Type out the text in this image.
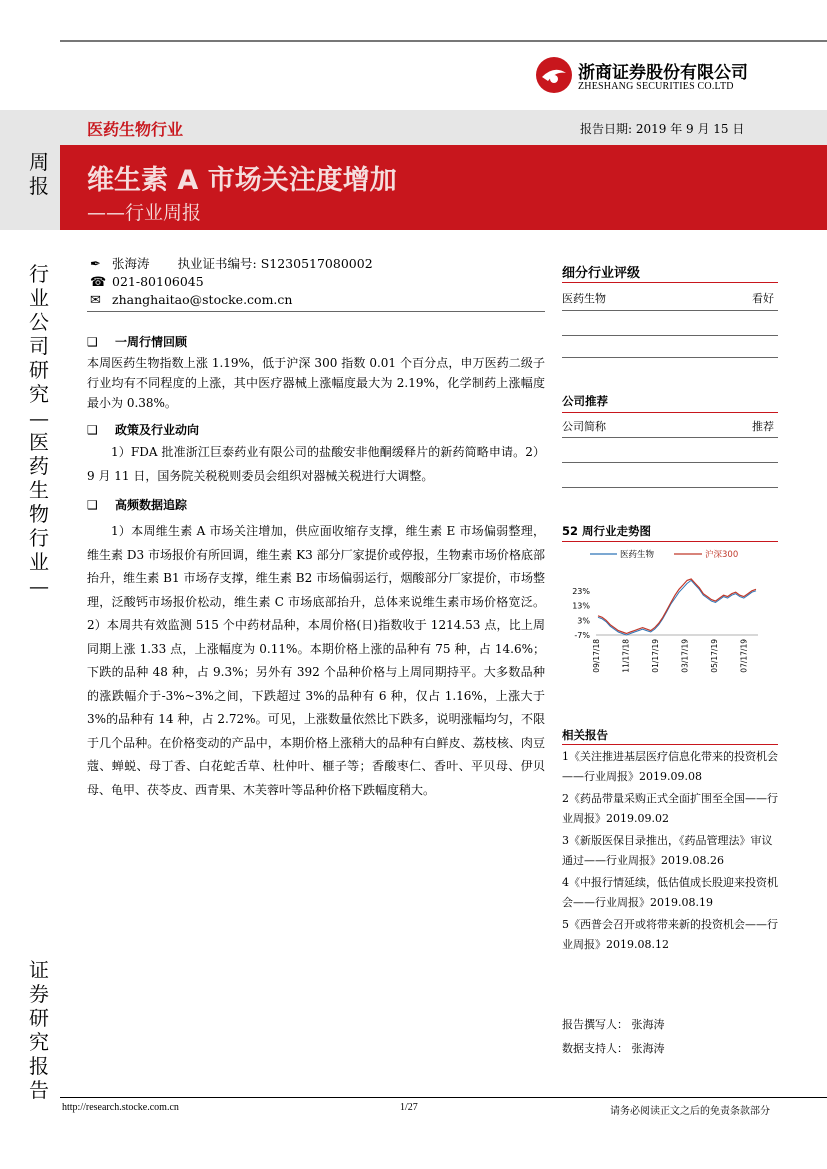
周
报
行
业
公
司
研
究
—
医
药
生
物
行
业
—
证
券
研
究
报
告
浙商证券股份有限公司
ZHESHANG SECURITIES CO.LTD
医药生物行业	报告日期: 2019 年 9 月 15 日
维生素 A 市场关注度增加
——行业周报
✒ 张海涛 执业证书编号: S1230517080002
☎ 021-80106045
✉ zhanghaitao@stocke.com.cn
❑ 一周行情回顾
本周医药生物指数上涨 1.19%，低于沪深 300 指数 0.01 个百分点，申万医药二级子行业均有不同程度的上涨，其中医疗器械上涨幅度最大为 2.19%，化学制药上涨幅度最小为 0.38%。
❑ 政策及行业动向
1）FDA 批准浙江巨泰药业有限公司的盐酸安非他酮缓释片的新药简略申请。2）9 月 11 日，国务院关税税则委员会组织对器械关税进行大调整。
❑ 高频数据追踪
1）本周维生素 A 市场关注增加，供应面收缩存支撑，维生素 E 市场偏弱整理，维生素 D3 市场报价有所回调，维生素 K3 部分厂家提价或停报，生物素市场价格底部抬升，维生素 B1 市场存支撑，维生素 B2 市场偏弱运行，烟酸部分厂家提价，市场整理，泛酸钙市场报价松动，维生素 C 市场底部抬升，总体来说维生素市场价格宽泛。2）本周共有效监测 515 个中药材品种，本周价格(日)指数收于 1214.53 点，比上周同期上涨 1.33 点，上涨幅度为 0.11%。本期价格上涨的品种有 75 种，占 14.6%；下跌的品种 48 种，占 9.3%；另外有 392 个品种价格与上周同期持平。大多数品种的涨跌幅介于-3%~3%之间，下跌超过 3%的品种有 6 种，仅占 1.16%，上涨大于 3%的品种有 14 种，占 2.72%。可见，上涨数量依然比下跌多，说明涨幅均匀，不限于几个品种。在价格变动的产品中，本期价格上涨稍大的品种有白鲜皮、荔枝核、肉豆蔻、蝉蜕、母丁香、白花蛇舌草、杜仲叶、榧子等；香酸枣仁、香叶、平贝母、伊贝母、龟甲、茯苓皮、西青果、木芙蓉叶等品种价格下跌幅度稍大。
细分行业评级
医药生物	看好
公司推荐
公司简称	推荐
52 周行业走势图
医药生物	沪深300
23%
13%
3%
-7%
09/17/18	11/17/18	01/17/19	03/17/19	05/17/19	07/17/19
相关报告
1《关注推进基层医疗信息化带来的投资机会——行业周报》2019.09.08
2《药品带量采购正式全面扩围至全国——行业周报》2019.09.02
3《新版医保目录推出，《药品管理法》审议通过——行业周报》2019.08.26
4《中报行情延续，低估值成长股迎来投资机会——行业周报》2019.08.19
5《西普会召开或将带来新的投资机会——行业周报》2019.08.12
报告撰写人： 张海涛
数据支持人： 张海涛
http://research.stocke.com.cn	1/27	请务必阅读正文之后的免责条款部分
